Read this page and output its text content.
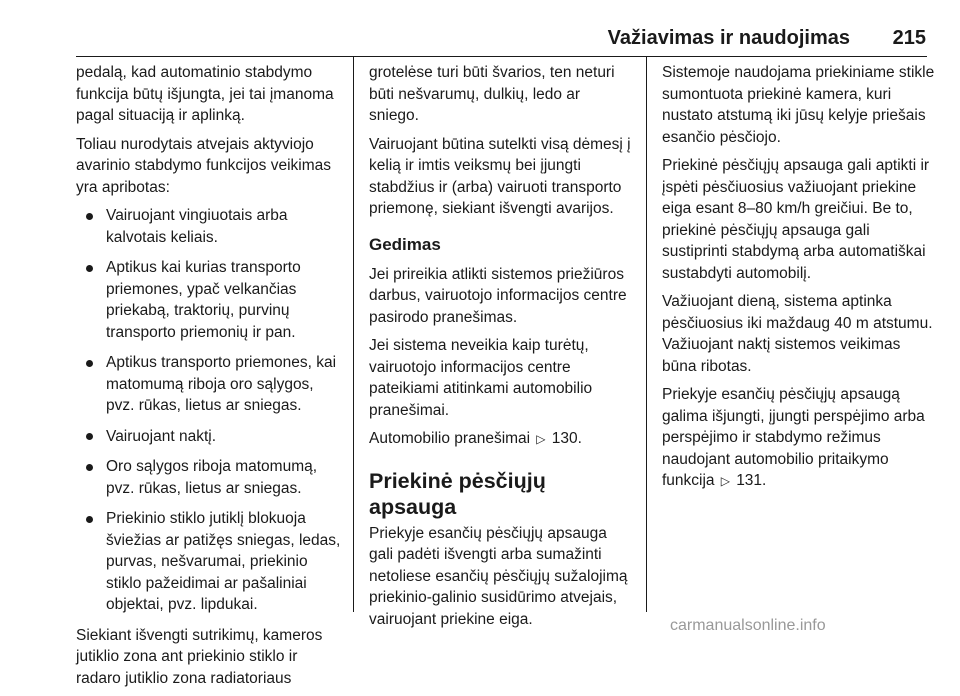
Važiavimas ir naudojimas	215

pedalą, kad automatinio stabdymo funkcija būtų išjungta, jei tai įmanoma pagal situaciją ir aplinką.

Toliau nurodytais atvejais aktyviojo avarinio stabdymo funkcijos veikimas yra apribotas:

Vairuojant vingiuotais arba kalvotais keliais.
Aptikus kai kurias transporto priemones, ypač velkančias priekabą, traktorių, purvinų transporto priemonių ir pan.
Aptikus transporto priemones, kai matomumą riboja oro sąlygos, pvz. rūkas, lietus ar sniegas.
Vairuojant naktį.
Oro sąlygos riboja matomumą, pvz. rūkas, lietus ar sniegas.
Priekinio stiklo jutiklį blokuoja šviežias ar patižęs sniegas, ledas, purvas, nešvarumai, priekinio stiklo pažeidimai ar pašaliniai objektai, pvz. lipdukai.

Siekiant išvengti sutrikimų, kameros jutiklio zona ant priekinio stiklo ir radaro jutiklio zona radiatoriaus

grotelėse turi būti švarios, ten neturi būti nešvarumų, dulkių, ledo ar sniego.

Vairuojant būtina sutelkti visą dėmesį į kelią ir imtis veiksmų bei įjungti stabdžius ir (arba) vairuoti transporto priemonę, siekiant išvengti avarijos.

Gedimas

Jei prireikia atlikti sistemos priežiūros darbus, vairuotojo informacijos centre pasirodo pranešimas.

Jei sistema neveikia kaip turėtų, vairuotojo informacijos centre pateikiami atitinkami automobilio pranešimai.

Automobilio pranešimai ▷ 130.

Priekinė pėsčiųjų apsauga

Priekyje esančių pėsčiųjų apsauga gali padėti išvengti arba sumažinti netoliese esančių pėsčiųjų sužalojimą priekinio-galinio susidūrimo atvejais, vairuojant priekine eiga.

Sistemoje naudojama priekiniame stikle sumontuota priekinė kamera, kuri nustato atstumą iki jūsų kelyje priešais esančio pėsčiojo.

Priekinė pėsčiųjų apsauga gali aptikti ir įspėti pėsčiuosius važiuojant priekine eiga esant 8–80 km/h greičiui. Be to, priekinė pėsčiųjų apsauga gali sustiprinti stabdymą arba automatiškai sustabdyti automobilį.

Važiuojant dieną, sistema aptinka pėsčiuosius iki maždaug 40 m atstumu. Važiuojant naktį sistemos veikimas būna ribotas.

Priekyje esančių pėsčiųjų apsaugą galima išjungti, įjungti perspėjimo arba perspėjimo ir stabdymo režimus naudojant automobilio pritaikymo funkcija ▷ 131.

carmanualsonline.info
